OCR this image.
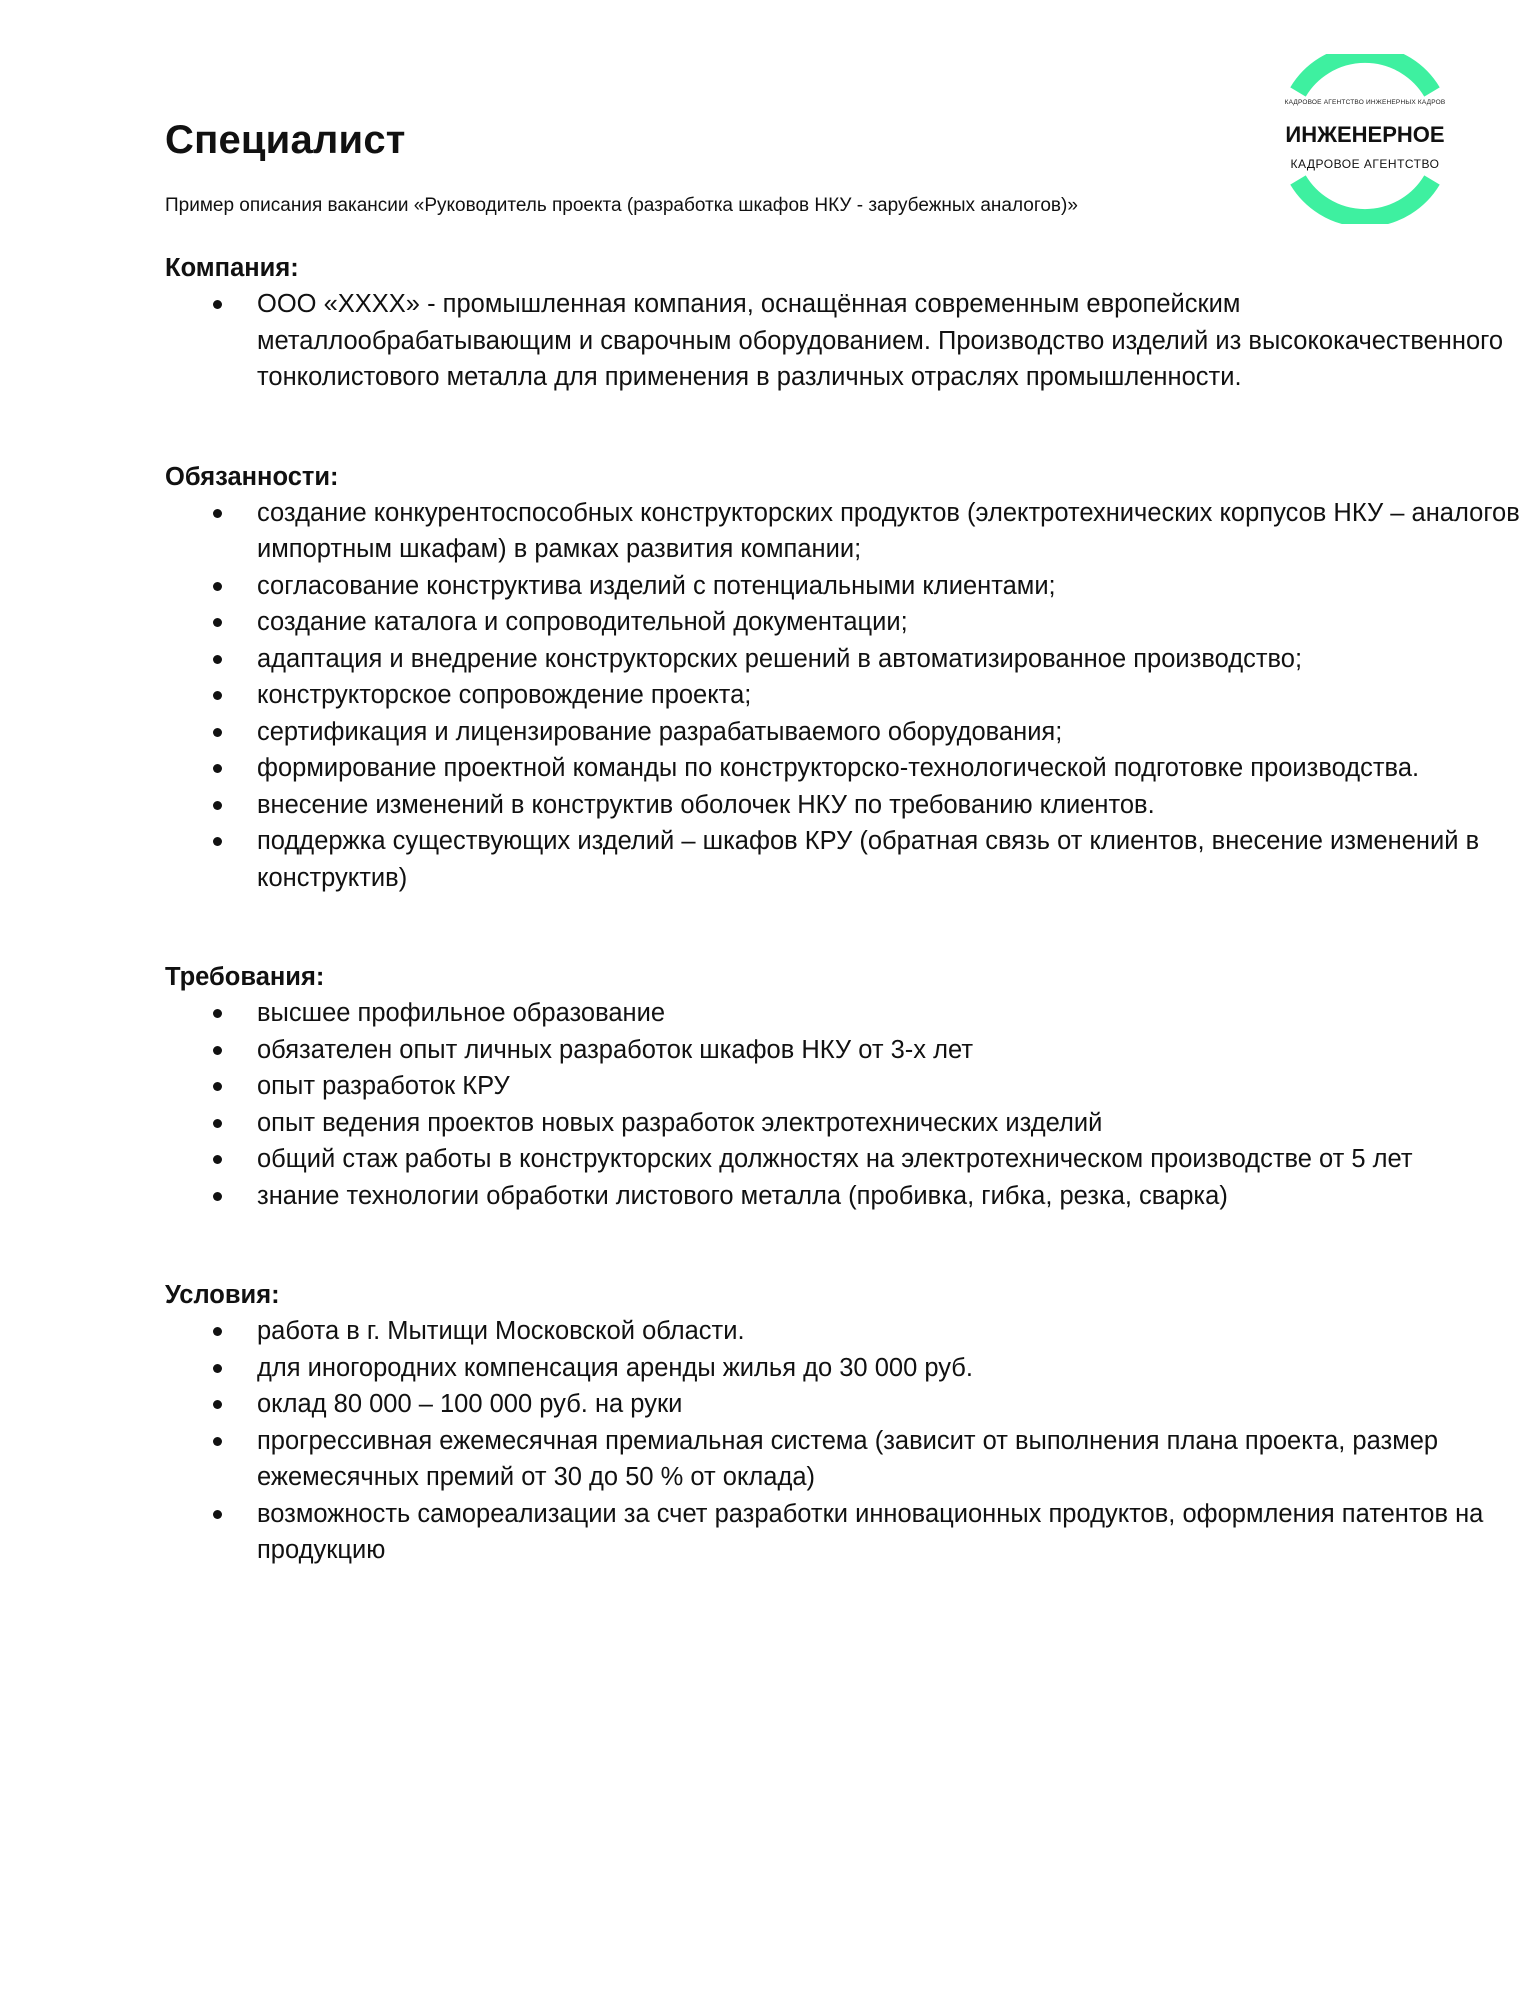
Специалист

Пример описания вакансии «Руководитель проекта (разработка шкафов НКУ - зарубежных аналогов)»

КАДРОВОЕ АГЕНТСТВО ИНЖЕНЕРНЫХ КАДРОВ
ИНЖЕНЕРНОЕ
КАДРОВОЕ АГЕНТСТВО
Компания:
ООО «ХХХХ» - промышленная компания, оснащённая современным европейским металлообрабатывающим и сварочным оборудованием. Производство изделий из высококачественного тонколистового металла для применения в различных отраслях промышленности.
Обязанности:
создание конкурентоспособных конструкторских продуктов (электротехнических корпусов НКУ – аналогов импортным шкафам) в рамках развития компании;
согласование конструктива изделий с потенциальными клиентами;
создание каталога и сопроводительной документации;
адаптация и внедрение конструкторских решений в автоматизированное производство;
конструкторское сопровождение проекта;
сертификация и лицензирование разрабатываемого оборудования;
формирование проектной команды по конструкторско-технологической подготовке производства.
внесение изменений в конструктив оболочек НКУ по требованию клиентов.
поддержка существующих изделий – шкафов КРУ (обратная связь от клиентов, внесение изменений в конструктив)
Требования:
высшее профильное образование
обязателен опыт личных разработок шкафов НКУ от 3-х лет
опыт разработок КРУ
опыт ведения проектов новых разработок электротехнических изделий
общий стаж работы в конструкторских должностях на электротехническом производстве от 5 лет
знание технологии обработки листового металла (пробивка, гибка, резка, сварка)
Условия:
работа в г. Мытищи Московской области.
для иногородних компенсация аренды жилья до 30 000 руб.
оклад 80 000 – 100 000 руб. на руки
прогрессивная ежемесячная премиальная система (зависит от выполнения плана проекта, размер ежемесячных премий от 30 до 50 % от оклада)
возможность самореализации за счет разработки инновационных продуктов, оформления патентов на продукцию
